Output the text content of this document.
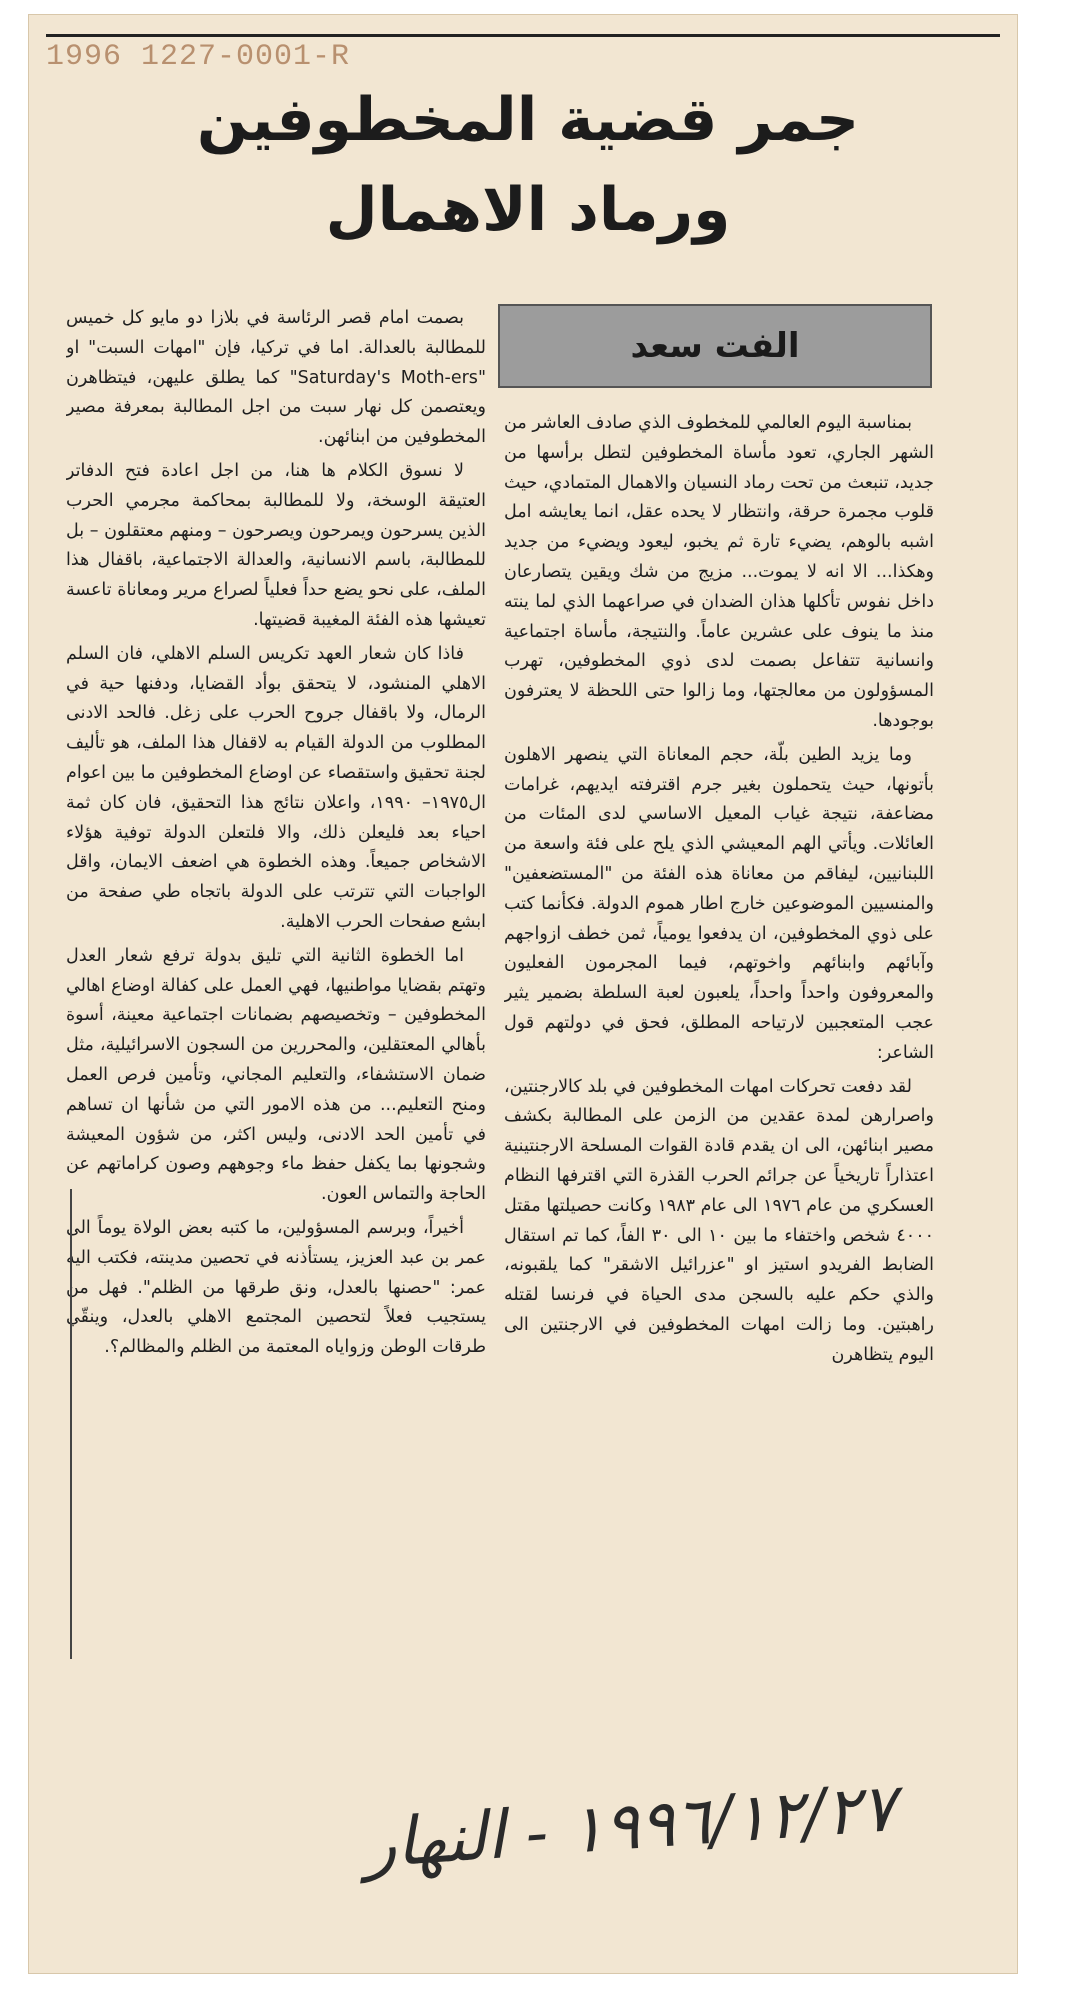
1996 1227-0001-R
جمر قضية المخطوفين
ورماد الاهمال
الفت سعد

بمناسبة اليوم العالمي للمخطوف الذي صادف العاشر من الشهر الجاري، تعود مأساة المخطوفين لتطل برأسها من جديد، تنبعث من تحت رماد النسيان والاهمال المتمادي، حيث قلوب مجمرة حرقة، وانتظار لا يحده عقل، انما يعايشه امل اشبه بالوهم، يضيء تارة ثم يخبو، ليعود ويضيء من جديد وهكذا... الا انه لا يموت... مزيج من شك ويقين يتصارعان داخل نفوس تأكلها هذان الضدان في صراعهما الذي لما ينته منذ ما ينوف على عشرين عاماً. والنتيجة، مأساة اجتماعية وانسانية تتفاعل بصمت لدى ذوي المخطوفين، تهرب المسؤولون من معالجتها، وما زالوا حتى اللحظة لا يعترفون بوجودها.

وما يزيد الطين بلّة، حجم المعاناة التي ينصهر الاهلون بأتونها، حيث يتحملون بغير جرم اقترفته ايديهم، غرامات مضاعفة، نتيجة غياب المعيل الاساسي لدى المئات من العائلات. ويأتي الهم المعيشي الذي يلح على فئة واسعة من اللبنانيين، ليفاقم من معاناة هذه الفئة من "المستضعفين" والمنسيين الموضوعين خارج اطار هموم الدولة. فكأنما كتب على ذوي المخطوفين، ان يدفعوا يومياً، ثمن خطف ازواجهم وآبائهم وابنائهم واخوتهم، فيما المجرمون الفعليون والمعروفون واحداً واحداً، يلعبون لعبة السلطة بضمير يثير عجب المتعجبين لارتياحه المطلق، فحق في دولتهم قول الشاعر:

لقد دفعت تحركات امهات المخطوفين في بلد كالارجنتين، واصرارهن لمدة عقدين من الزمن على المطالبة بكشف مصير ابنائهن، الى ان يقدم قادة القوات المسلحة الارجنتينية اعتذاراً تاريخياً عن جرائم الحرب القذرة التي اقترفها النظام العسكري من عام ١٩٧٦ الى عام ١٩٨٣ وكانت حصيلتها مقتل ٤٠٠٠ شخص واختفاء ما بين ١٠ الى ٣٠ الفاً، كما تم استقال الضابط الفريدو استيز او "عزرائيل الاشقر" كما يلقبونه، والذي حكم عليه بالسجن مدى الحياة في فرنسا لقتله راهبتين. وما زالت امهات المخطوفين في الارجنتين الى اليوم يتظاهرن

بصمت امام قصر الرئاسة في بلازا دو مايو كل خميس للمطالبة بالعدالة. اما في تركيا، فإن "امهات السبت" او "Saturday's Moth-ers" كما يطلق عليهن، فيتظاهرن ويعتصمن كل نهار سبت من اجل المطالبة بمعرفة مصير المخطوفين من ابنائهن.

لا نسوق الكلام ها هنا، من اجل اعادة فتح الدفاتر العتيقة الوسخة، ولا للمطالبة بمحاكمة مجرمي الحرب الذين يسرحون ويمرحون ويصرحون – ومنهم معتقلون – بل للمطالبة، باسم الانسانية، والعدالة الاجتماعية، باقفال هذا الملف، على نحو يضع حداً فعلياً لصراع مرير ومعاناة تاعسة تعيشها هذه الفئة المغيبة قضيتها.

فاذا كان شعار العهد تكريس السلم الاهلي، فان السلم الاهلي المنشود، لا يتحقق بوأد القضايا، ودفنها حية في الرمال، ولا باقفال جروح الحرب على زغل. فالحد الادنى المطلوب من الدولة القيام به لاقفال هذا الملف، هو تأليف لجنة تحقيق واستقصاء عن اوضاع المخطوفين ما بين اعوام ال١٩٧٥– ١٩٩٠، واعلان نتائج هذا التحقيق، فان كان ثمة احياء بعد فليعلن ذلك، والا فلتعلن الدولة توفية هؤلاء الاشخاص جميعاً. وهذه الخطوة هي اضعف الايمان، واقل الواجبات التي تترتب على الدولة باتجاه طي صفحة من ابشع صفحات الحرب الاهلية.

اما الخطوة الثانية التي تليق بدولة ترفع شعار العدل وتهتم بقضايا مواطنيها، فهي العمل على كفالة اوضاع اهالي المخطوفين – وتخصيصهم بضمانات اجتماعية معينة، أسوة بأهالي المعتقلين، والمحررين من السجون الاسرائيلية، مثل ضمان الاستشفاء، والتعليم المجاني، وتأمين فرص العمل ومنح التعليم... من هذه الامور التي من شأنها ان تساهم في تأمين الحد الادنى، وليس اكثر، من شؤون المعيشة وشجونها بما يكفل حفظ ماء وجوههم وصون كراماتهم عن الحاجة والتماس العون.

أخيراً، وبرسم المسؤولين، ما كتبه بعض الولاة يوماً الى عمر بن عبد العزيز، يستأذنه في تحصين مدينته، فكتب اليه عمر: "حصنها بالعدل، ونق طرقها من الظلم". فهل من يستجيب فعلاً لتحصين المجتمع الاهلي بالعدل، وينقّي طرقات الوطن وزواياه المعتمة من الظلم والمظالم؟.

١٩٩٦/١٢/٢٧ - النهار
